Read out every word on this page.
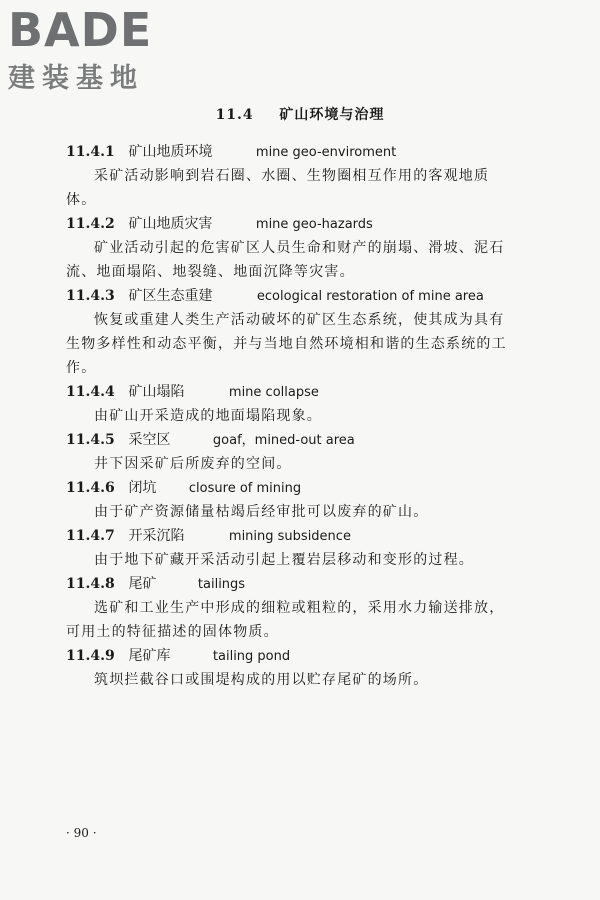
BADE
建装基地
11.4 矿山环境与治理
11.4.1 矿山地质环境	mine geo-enviroment
采矿活动影响到岩石圈、水圈、生物圈相互作用的客观地质体。
11.4.2 矿山地质灾害	mine geo-hazards
矿业活动引起的危害矿区人员生命和财产的崩塌、滑坡、泥石流、地面塌陷、地裂缝、地面沉降等灾害。
11.4.3 矿区生态重建	ecological restoration of mine area
恢复或重建人类生产活动破坏的矿区生态系统，使其成为具有生物多样性和动态平衡，并与当地自然环境相和谐的生态系统的工作。
11.4.4 矿山塌陷	mine collapse
由矿山开采造成的地面塌陷现象。
11.4.5 采空区	goaf，mined-out area
井下因采矿后所废弃的空间。
11.4.6 闭坑 closure of mining
由于矿产资源储量枯竭后经审批可以废弃的矿山。
11.4.7 开采沉陷	mining subsidence
由于地下矿藏开采活动引起上覆岩层移动和变形的过程。
11.4.8 尾矿	tailings
选矿和工业生产中形成的细粒或粗粒的，采用水力输送排放，可用土的特征描述的固体物质。
11.4.9 尾矿库	tailing pond
筑坝拦截谷口或围堤构成的用以贮存尾矿的场所。
· 90 ·
